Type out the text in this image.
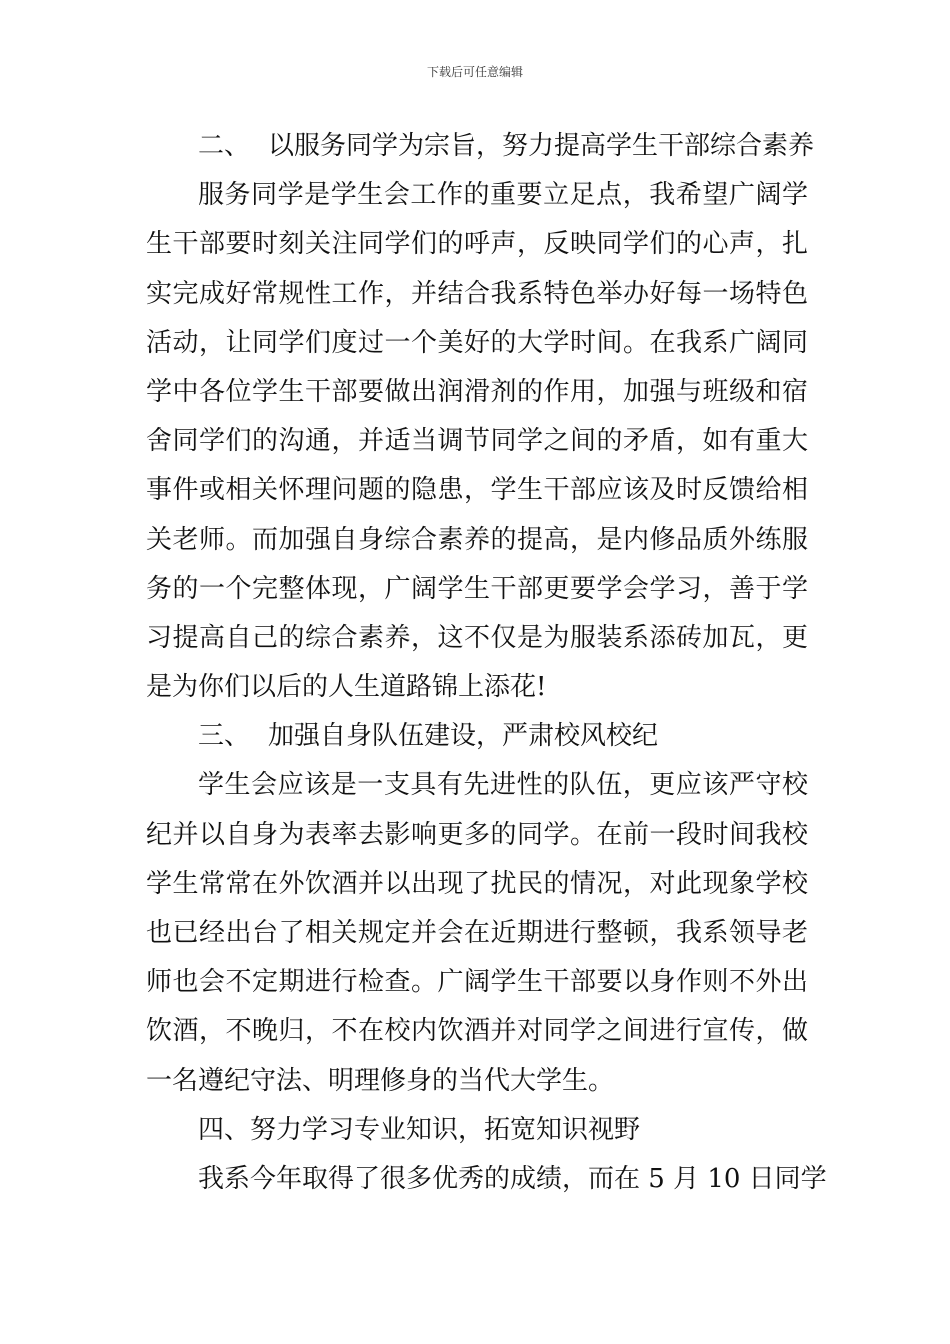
下载后可任意编辑
二、 以服务同学为宗旨，努力提高学生干部综合素养
服务同学是学生会工作的重要立足点，我希望广阔学
生干部要时刻关注同学们的呼声，反映同学们的心声，扎
实完成好常规性工作，并结合我系特色举办好每一场特色
活动，让同学们度过一个美好的大学时间。在我系广阔同
学中各位学生干部要做出润滑剂的作用，加强与班级和宿
舍同学们的沟通，并适当调节同学之间的矛盾，如有重大
事件或相关怀理问题的隐患，学生干部应该及时反馈给相
关老师。而加强自身综合素养的提高，是内修品质外练服
务的一个完整体现，广阔学生干部更要学会学习，善于学
习提高自己的综合素养，这不仅是为服装系添砖加瓦，更
是为你们以后的人生道路锦上添花!
三、 加强自身队伍建设，严肃校风校纪
学生会应该是一支具有先进性的队伍，更应该严守校
纪并以自身为表率去影响更多的同学。在前一段时间我校
学生常常在外饮酒并以出现了扰民的情况，对此现象学校
也已经出台了相关规定并会在近期进行整顿，我系领导老
师也会不定期进行检查。广阔学生干部要以身作则不外出
饮酒，不晚归，不在校内饮酒并对同学之间进行宣传，做
一名遵纪守法、明理修身的当代大学生。
四、努力学习专业知识，拓宽知识视野
我系今年取得了很多优秀的成绩，而在 5 月 10 日同学
